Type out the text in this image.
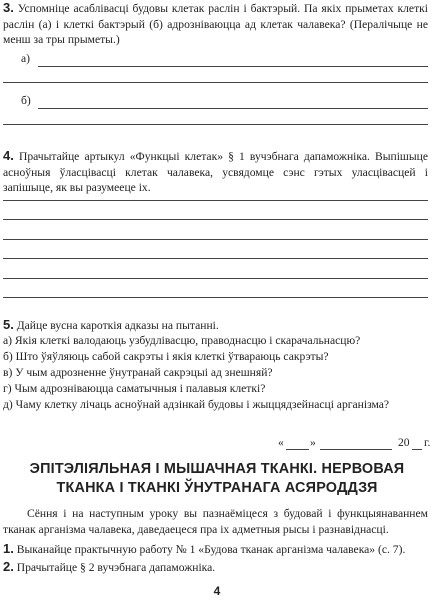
3. Успомніце асаблівасці будовы клетак раслін і бактэрый. Па якіх прыметах клеткі раслін (а) і клеткі бактэрый (б) адрозніваюцца ад клетак чалавека? (Пералічыце не менш за тры прыметы.)

а)
б)

4. Прачытайце артыкул «Функцыі клетак» § 1 вучэбнага дапаможніка. Выпішыце асноўныя ўласцівасці клетак чалавека, усвядомце сэнс гэтых уласцівасцей і запішыце, як вы разумееце іх.

5. Дайце вусна кароткія адказы на пытанні.
а) Якія клеткі валодаюць узбудлівасцю, праводнасцю і скарачальнасцю?
б) Што ўяўляюць сабой сакрэты і якія клеткі ўтвараюць сакрэты?
в) У чым адрозненне ўнутранай сакрэцыі ад знешняй?
г) Чым адрозніваюцца саматычныя і палавыя клеткі?
д) Чаму клетку лічаць асноўнай адзінкай будовы і жыццядзейнасці арганізма?
« »	20 г.
ЭПІТЭЛІЯЛЬНАЯ І МЫШАЧНАЯ ТКАНКІ. НЕРВОВАЯ
ТКАНКА І ТКАНКІ ЎНУТРАНАГА АСЯРОДДЗЯ

Сёння і на наступным уроку вы пазнаёміцеся з будовай і функцыянаваннем тканак арганізма чалавека, даведаецеся пра іх адметныя рысы і разнавіднасці.

1. Выканайце практычную работу № 1 «Будова тканак арганізма чалавека» (с. 7).
2. Прачытайце § 2 вучэбнага дапаможніка.
4
